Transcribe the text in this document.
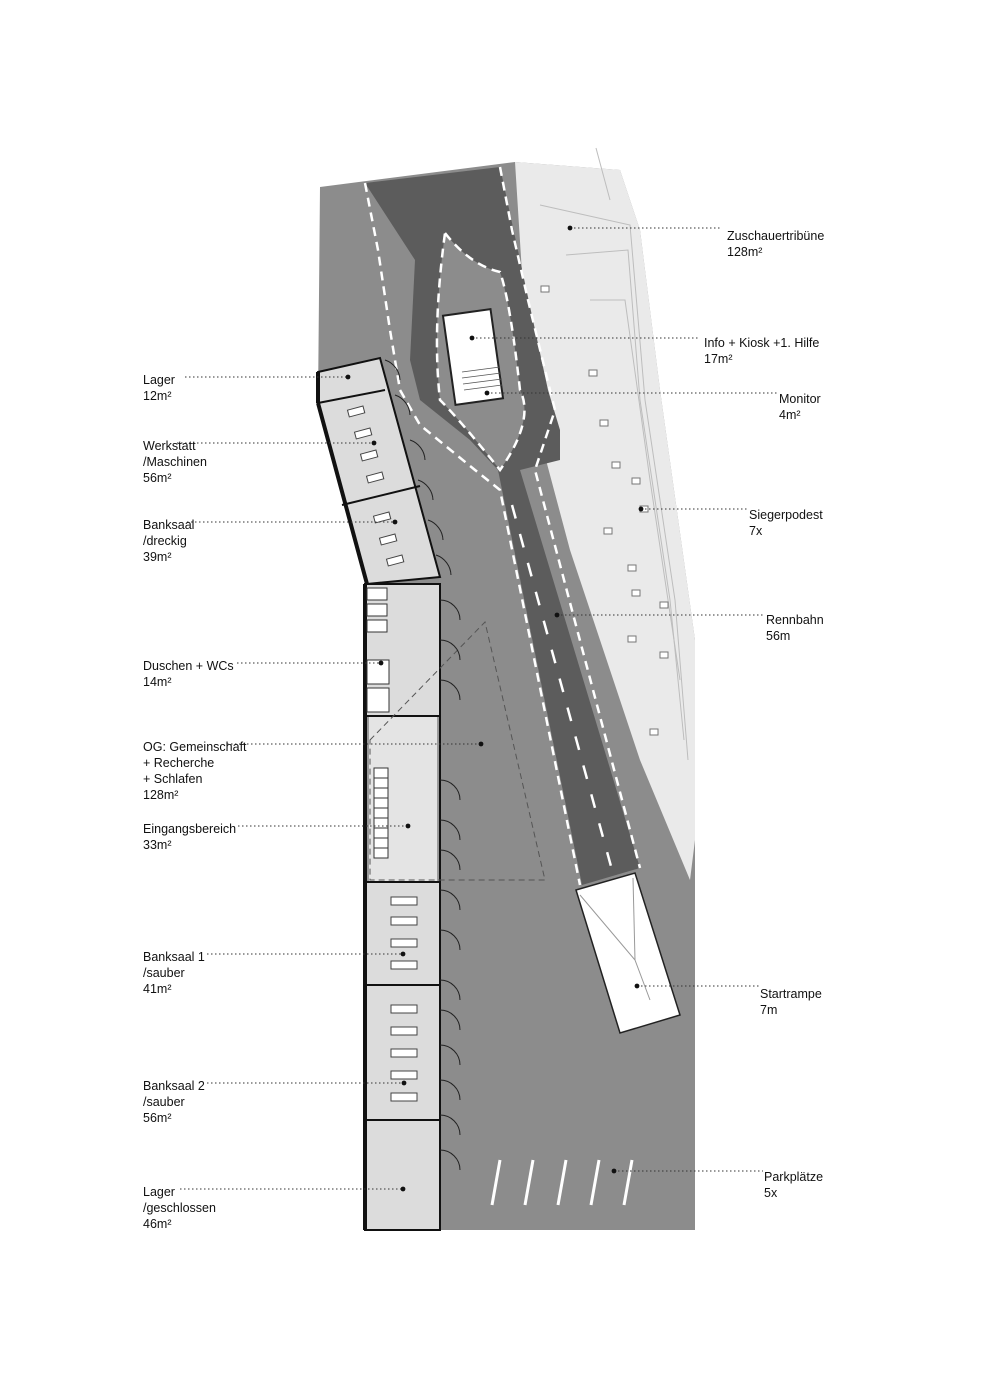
Lager
12m²
Werkstatt
/Maschinen
56m²
Banksaal
/dreckig
39m²
Duschen + WCs
14m²
OG: Gemeinschaft
+ Recherche
+ Schlafen
128m²
Eingangsbereich
33m²
Banksaal 1
/sauber
41m²
Banksaal 2
/sauber
56m²
Lager
/geschlossen
46m²
Zuschauertribüne
128m²
Info + Kiosk +1. Hilfe
17m²
Monitor
4m²
Siegerpodest
7x
Rennbahn
56m
Startrampe
7m
Parkplätze
5x
